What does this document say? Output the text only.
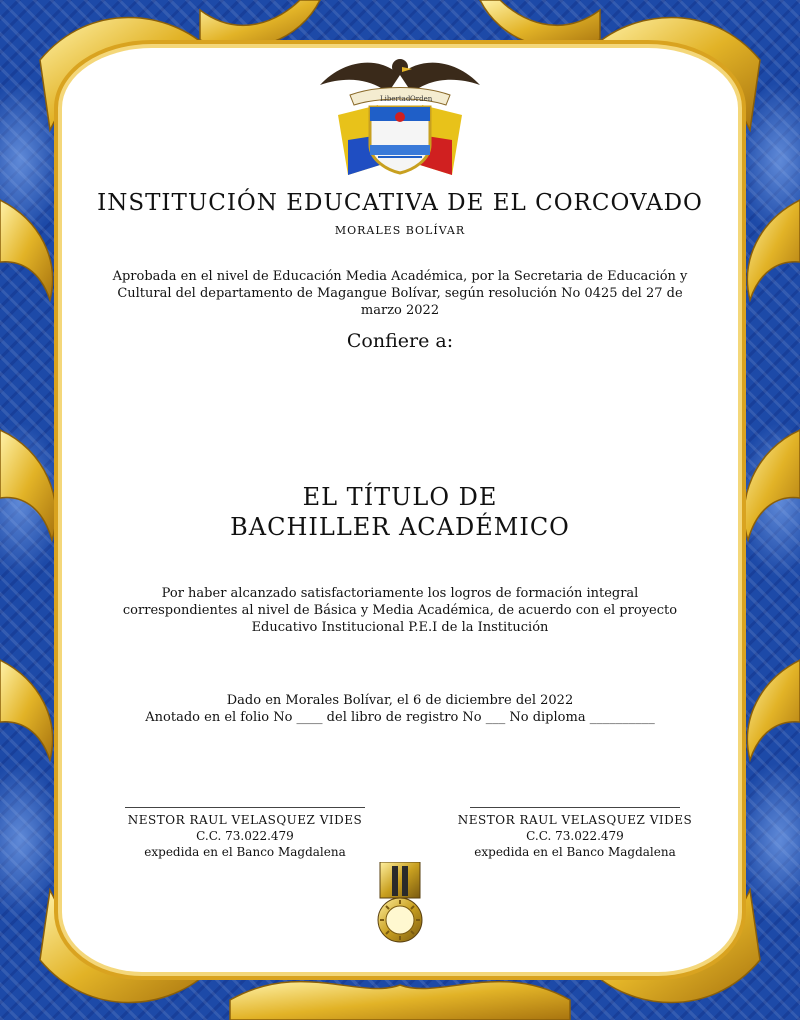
Libertad Orden
INSTITUCIÓN EDUCATIVA DE EL CORCOVADO
MORALES BOLÍVAR
Aprobada en el nivel de Educación Media Académica, por la Secretaria de Educación y Cultural del departamento de Magangue Bolívar, según resolución No 0425 del 27 de marzo 2022
Confiere a:
EL TÍTULO DE
BACHILLER ACADÉMICO
Por haber alcanzado satisfactoriamente los logros de formación integral correspondientes al nivel de Básica y Media Académica, de acuerdo con el proyecto Educativo Institucional P.E.I de la Institución
Dado en Morales Bolívar, el 6 de diciembre del 2022
Anotado en el folio No ____ del libro de registro No ___ No diploma __________
NESTOR RAUL VELASQUEZ VIDES
C.C. 73.022.479
expedida en el Banco Magdalena
NESTOR RAUL VELASQUEZ VIDES
C.C. 73.022.479
expedida en el Banco Magdalena
